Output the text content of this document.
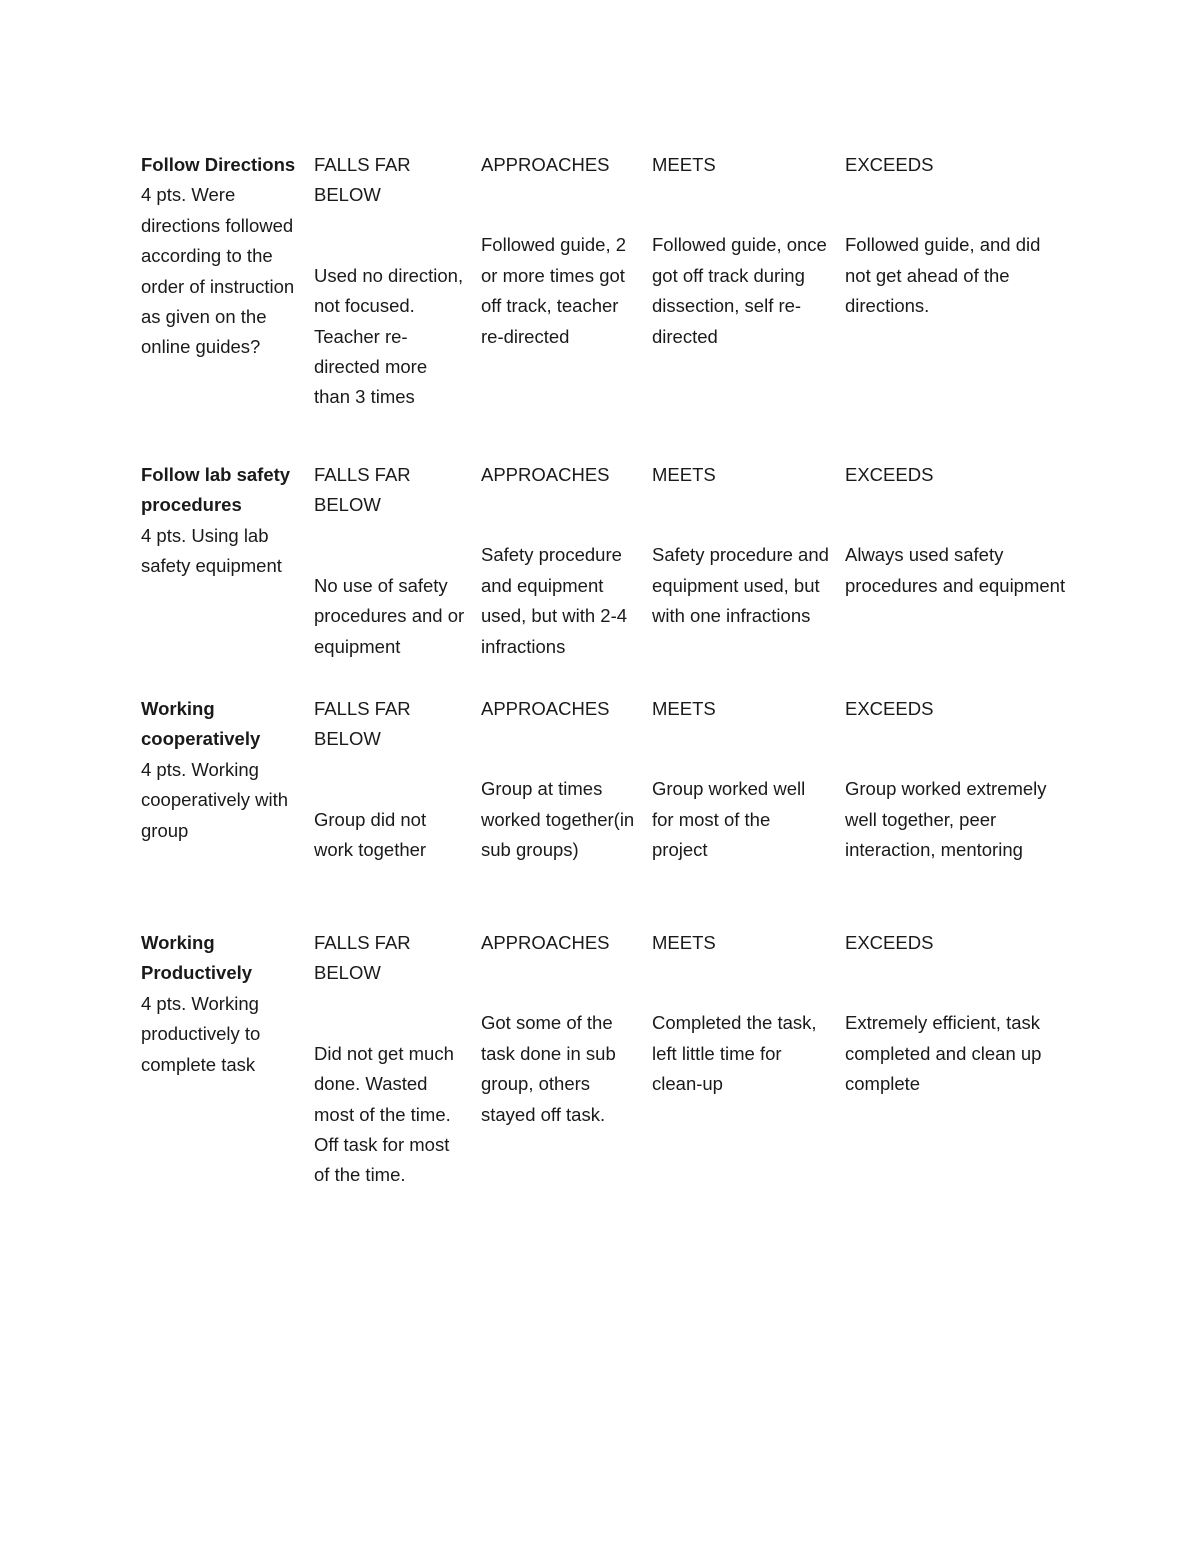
Follow Directions
4 pts. Were directions followed according to the order of instruction as given on the online guides?
FALLS FAR BELOW
Used no direction, not focused. Teacher re-directed more than 3 times
APPROACHES
Followed guide, 2 or more times got off track, teacher re-directed
MEETS
Followed guide, once got off track during dissection, self re-directed
EXCEEDS
Followed guide, and did not get ahead of the directions.
Follow lab safety procedures
4 pts. Using lab safety equipment
FALLS FAR BELOW
No use of safety procedures and or equipment
APPROACHES
Safety procedure and equipment used, but with 2-4 infractions
MEETS
Safety procedure and equipment used, but with one infractions
EXCEEDS
Always used safety procedures and equipment
Working cooperatively
4 pts. Working cooperatively with group
FALLS FAR BELOW
Group did not work together
APPROACHES
Group at times worked together(in sub groups)
MEETS
Group worked well for most of the project
EXCEEDS
Group worked extremely well together, peer interaction, mentoring
Working Productively
4 pts. Working productively to complete task
FALLS FAR BELOW
Did not get much done. Wasted most of the time. Off task for most of the time.
APPROACHES
Got some of the task done in sub group, others stayed off task.
MEETS
Completed the task, left little time for clean-up
EXCEEDS
Extremely efficient, task completed and clean up complete
